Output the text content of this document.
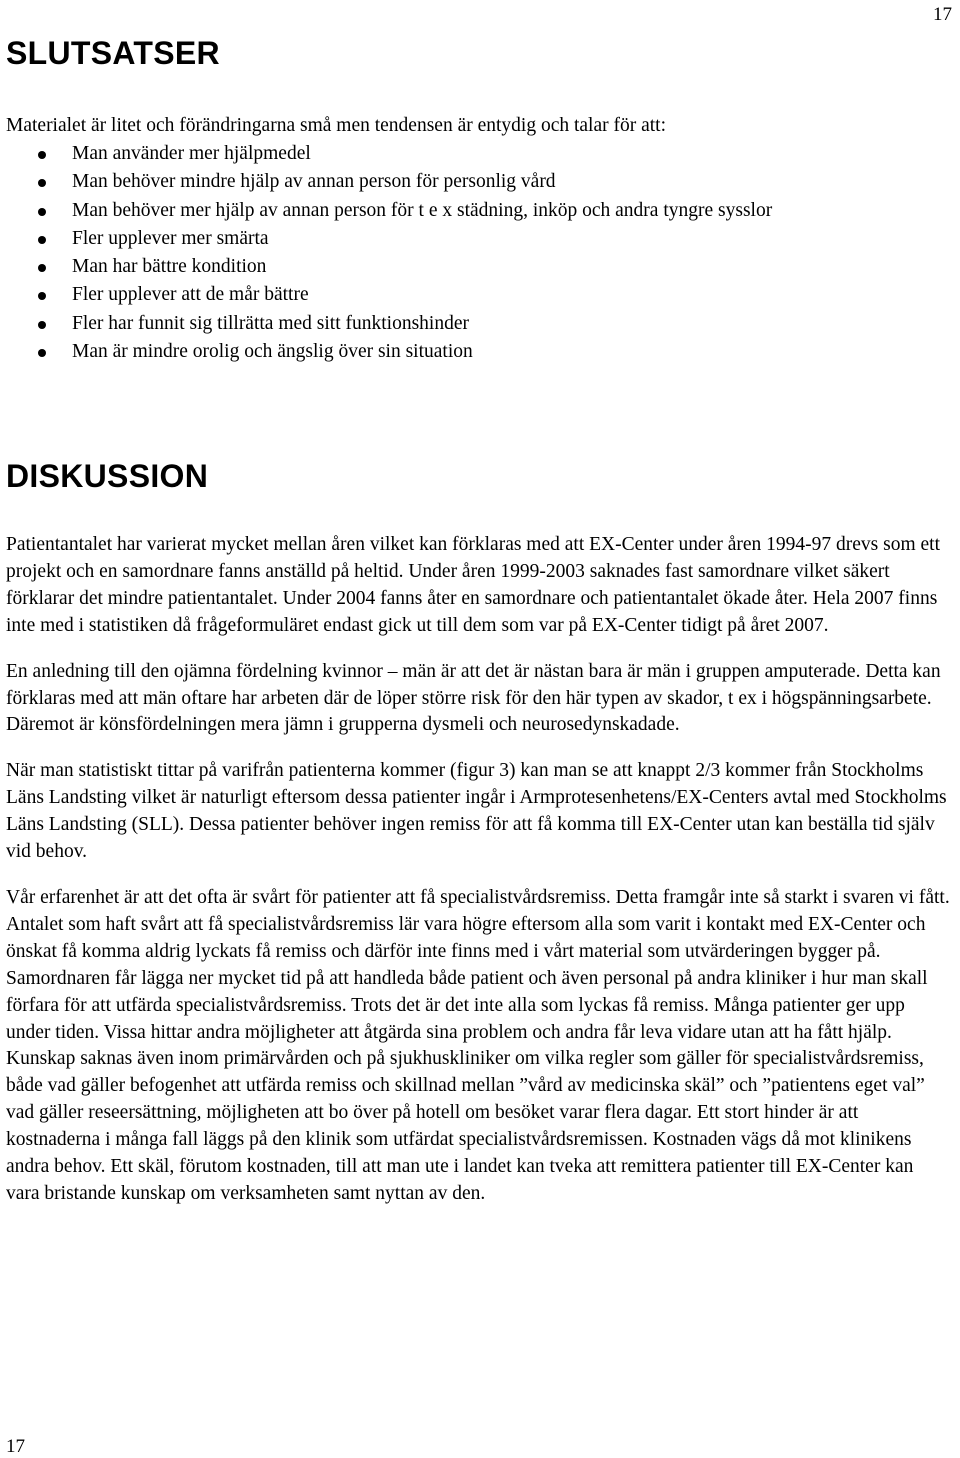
17
SLUTSATSER
Materialet är litet och förändringarna små men tendensen är entydig och talar för att:
Man använder mer hjälpmedel
Man behöver mindre hjälp av annan person för personlig vård
Man behöver mer hjälp av annan person för t e x städning, inköp och andra tyngre sysslor
Fler upplever mer smärta
Man har bättre kondition
Fler upplever att de mår bättre
Fler har funnit sig tillrätta med sitt funktionshinder
Man är mindre orolig och ängslig över sin situation
DISKUSSION

Patientantalet har varierat mycket mellan åren vilket kan förklaras med att EX-Center under åren 1994-97 drevs som ett projekt och en samordnare fanns anställd på heltid. Under åren 1999-2003 saknades fast samordnare vilket säkert förklarar det mindre patientantalet. Under 2004 fanns åter en samordnare och patientantalet ökade åter. Hela 2007 finns inte med i statistiken då frågeformuläret endast gick ut till dem som var på EX-Center tidigt på året 2007.

En anledning till den ojämna fördelning kvinnor – män är att det är nästan bara är män i gruppen amputerade. Detta kan förklaras med att män oftare har arbeten där de löper större risk för den här typen av skador, t ex i högspänningsarbete. Däremot är könsfördelningen mera jämn i grupperna dysmeli och neurosedynskadade.

När man statistiskt tittar på varifrån patienterna kommer (figur 3) kan man se att knappt 2/3 kommer från Stockholms Läns Landsting vilket är naturligt eftersom dessa patienter ingår i Armprotesenhetens/EX-Centers avtal med Stockholms Läns Landsting (SLL). Dessa patienter behöver ingen remiss för att få komma till EX-Center utan kan beställa tid själv vid behov.

Vår erfarenhet är att det ofta är svårt för patienter att få specialistvårdsremiss. Detta framgår inte så starkt i svaren vi fått. Antalet som haft svårt att få specialistvårdsremiss lär vara högre eftersom alla som varit i kontakt med EX-Center och önskat få komma aldrig lyckats få remiss och därför inte finns med i vårt material som utvärderingen bygger på. Samordnaren får lägga ner mycket tid på att handleda både patient och även personal på andra kliniker i hur man skall förfara för att utfärda specialistvårdsremiss. Trots det är det inte alla som lyckas få remiss. Många patienter ger upp under tiden. Vissa hittar andra möjligheter att åtgärda sina problem och andra får leva vidare utan att ha fått hjälp. Kunskap saknas även inom primärvården och på sjukhuskliniker om vilka regler som gäller för specialistvårdsremiss, både vad gäller befogenhet att utfärda remiss och skillnad mellan ”vård av medicinska skäl” och ”patientens eget val” vad gäller reseersättning, möjligheten att bo över på hotell om besöket varar flera dagar. Ett stort hinder är att kostnaderna i många fall läggs på den klinik som utfärdat specialistvårdsremissen. Kostnaden vägs då mot klinikens andra behov. Ett skäl, förutom kostnaden, till att man ute i landet kan tveka att remittera patienter till EX-Center kan vara bristande kunskap om verksamheten samt nyttan av den.

17
